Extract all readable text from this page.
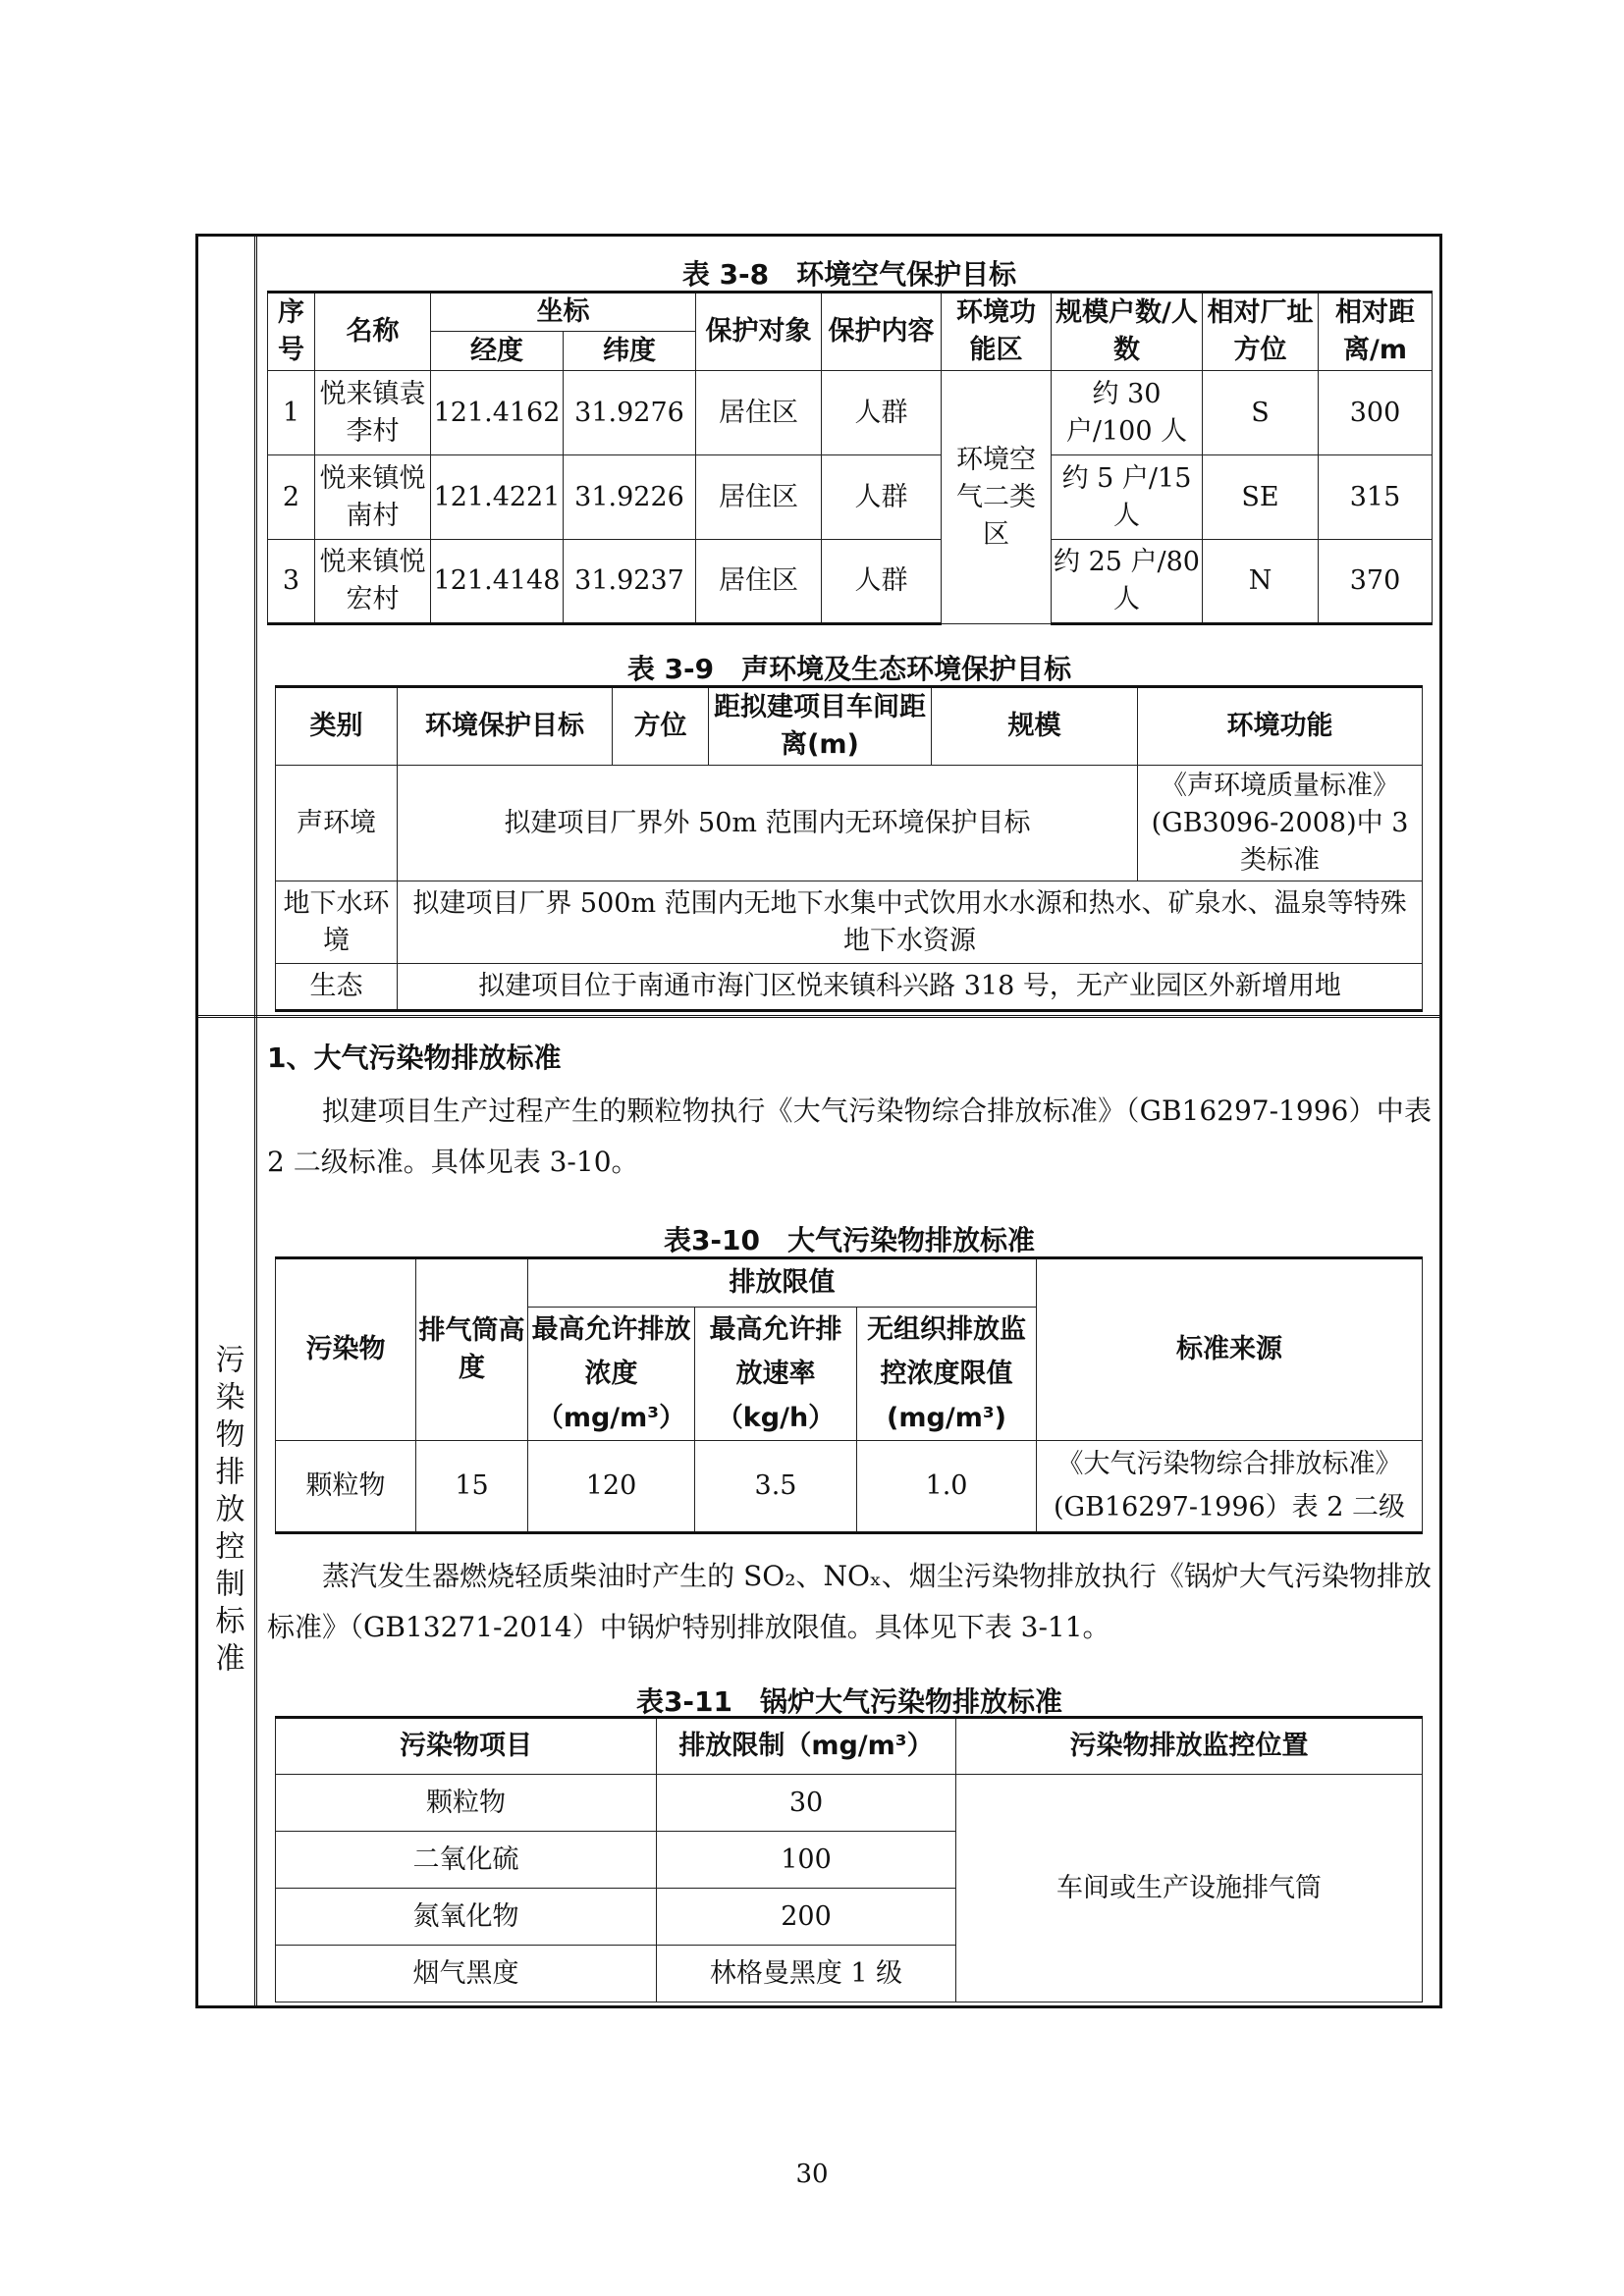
污染物排放控制标准
表 3-8　环境空气保护目标
序号	名称	坐标		保护对象	保护内容	环境功能区	规模户数/人数	相对厂址方位	相对距离/m
		经度	纬度						
1	悦来镇袁李村	121.4162	31.9276	居住区	人群	环境空气二类区	约 30 户/100 人	S	300
2	悦来镇悦南村	121.4221	31.9226	居住区	人群		约 5 户/15 人	SE	315
3	悦来镇悦宏村	121.4148	31.9237	居住区	人群		约 25 户/80 人	N	370
表 3-9　声环境及生态环境保护目标
类别	环境保护目标	方位	距拟建项目车间距离(m)	规模	环境功能
声环境	拟建项目厂界外 50m 范围内无环境保护目标				《声环境质量标准》(GB3096-2008)中 3 类标准
地下水环境	拟建项目厂界 500m 范围内无地下水集中式饮用水水源和热水、矿泉水、温泉等特殊地下水资源				
生态	拟建项目位于南通市海门区悦来镇科兴路 318 号，无产业园区外新增用地				
1、大气污染物排放标准
拟建项目生产过程产生的颗粒物执行《大气污染物综合排放标准》（GB16297-1996）中表 2 二级标准。具体见表 3-10。
表3-10　大气污染物排放标准
污染物	排气筒高度	排放限值			标准来源
		最高允许排放浓度（mg/m³）	最高允许排放速率（kg/h）	无组织排放监控浓度限值(mg/m³)	
颗粒物	15	120	3.5	1.0	《大气污染物综合排放标准》(GB16297-1996）表 2 二级
蒸汽发生器燃烧轻质柴油时产生的 SO₂、NOₓ、烟尘污染物排放执行《锅炉大气污染物排放标准》（GB13271-2014）中锅炉特别排放限值。具体见下表 3-11。
表3-11　锅炉大气污染物排放标准
污染物项目	排放限制（mg/m³）	污染物排放监控位置
颗粒物	30	车间或生产设施排气筒
二氧化硫	100	
氮氧化物	200	
烟气黑度	林格曼黑度 1 级	
30
